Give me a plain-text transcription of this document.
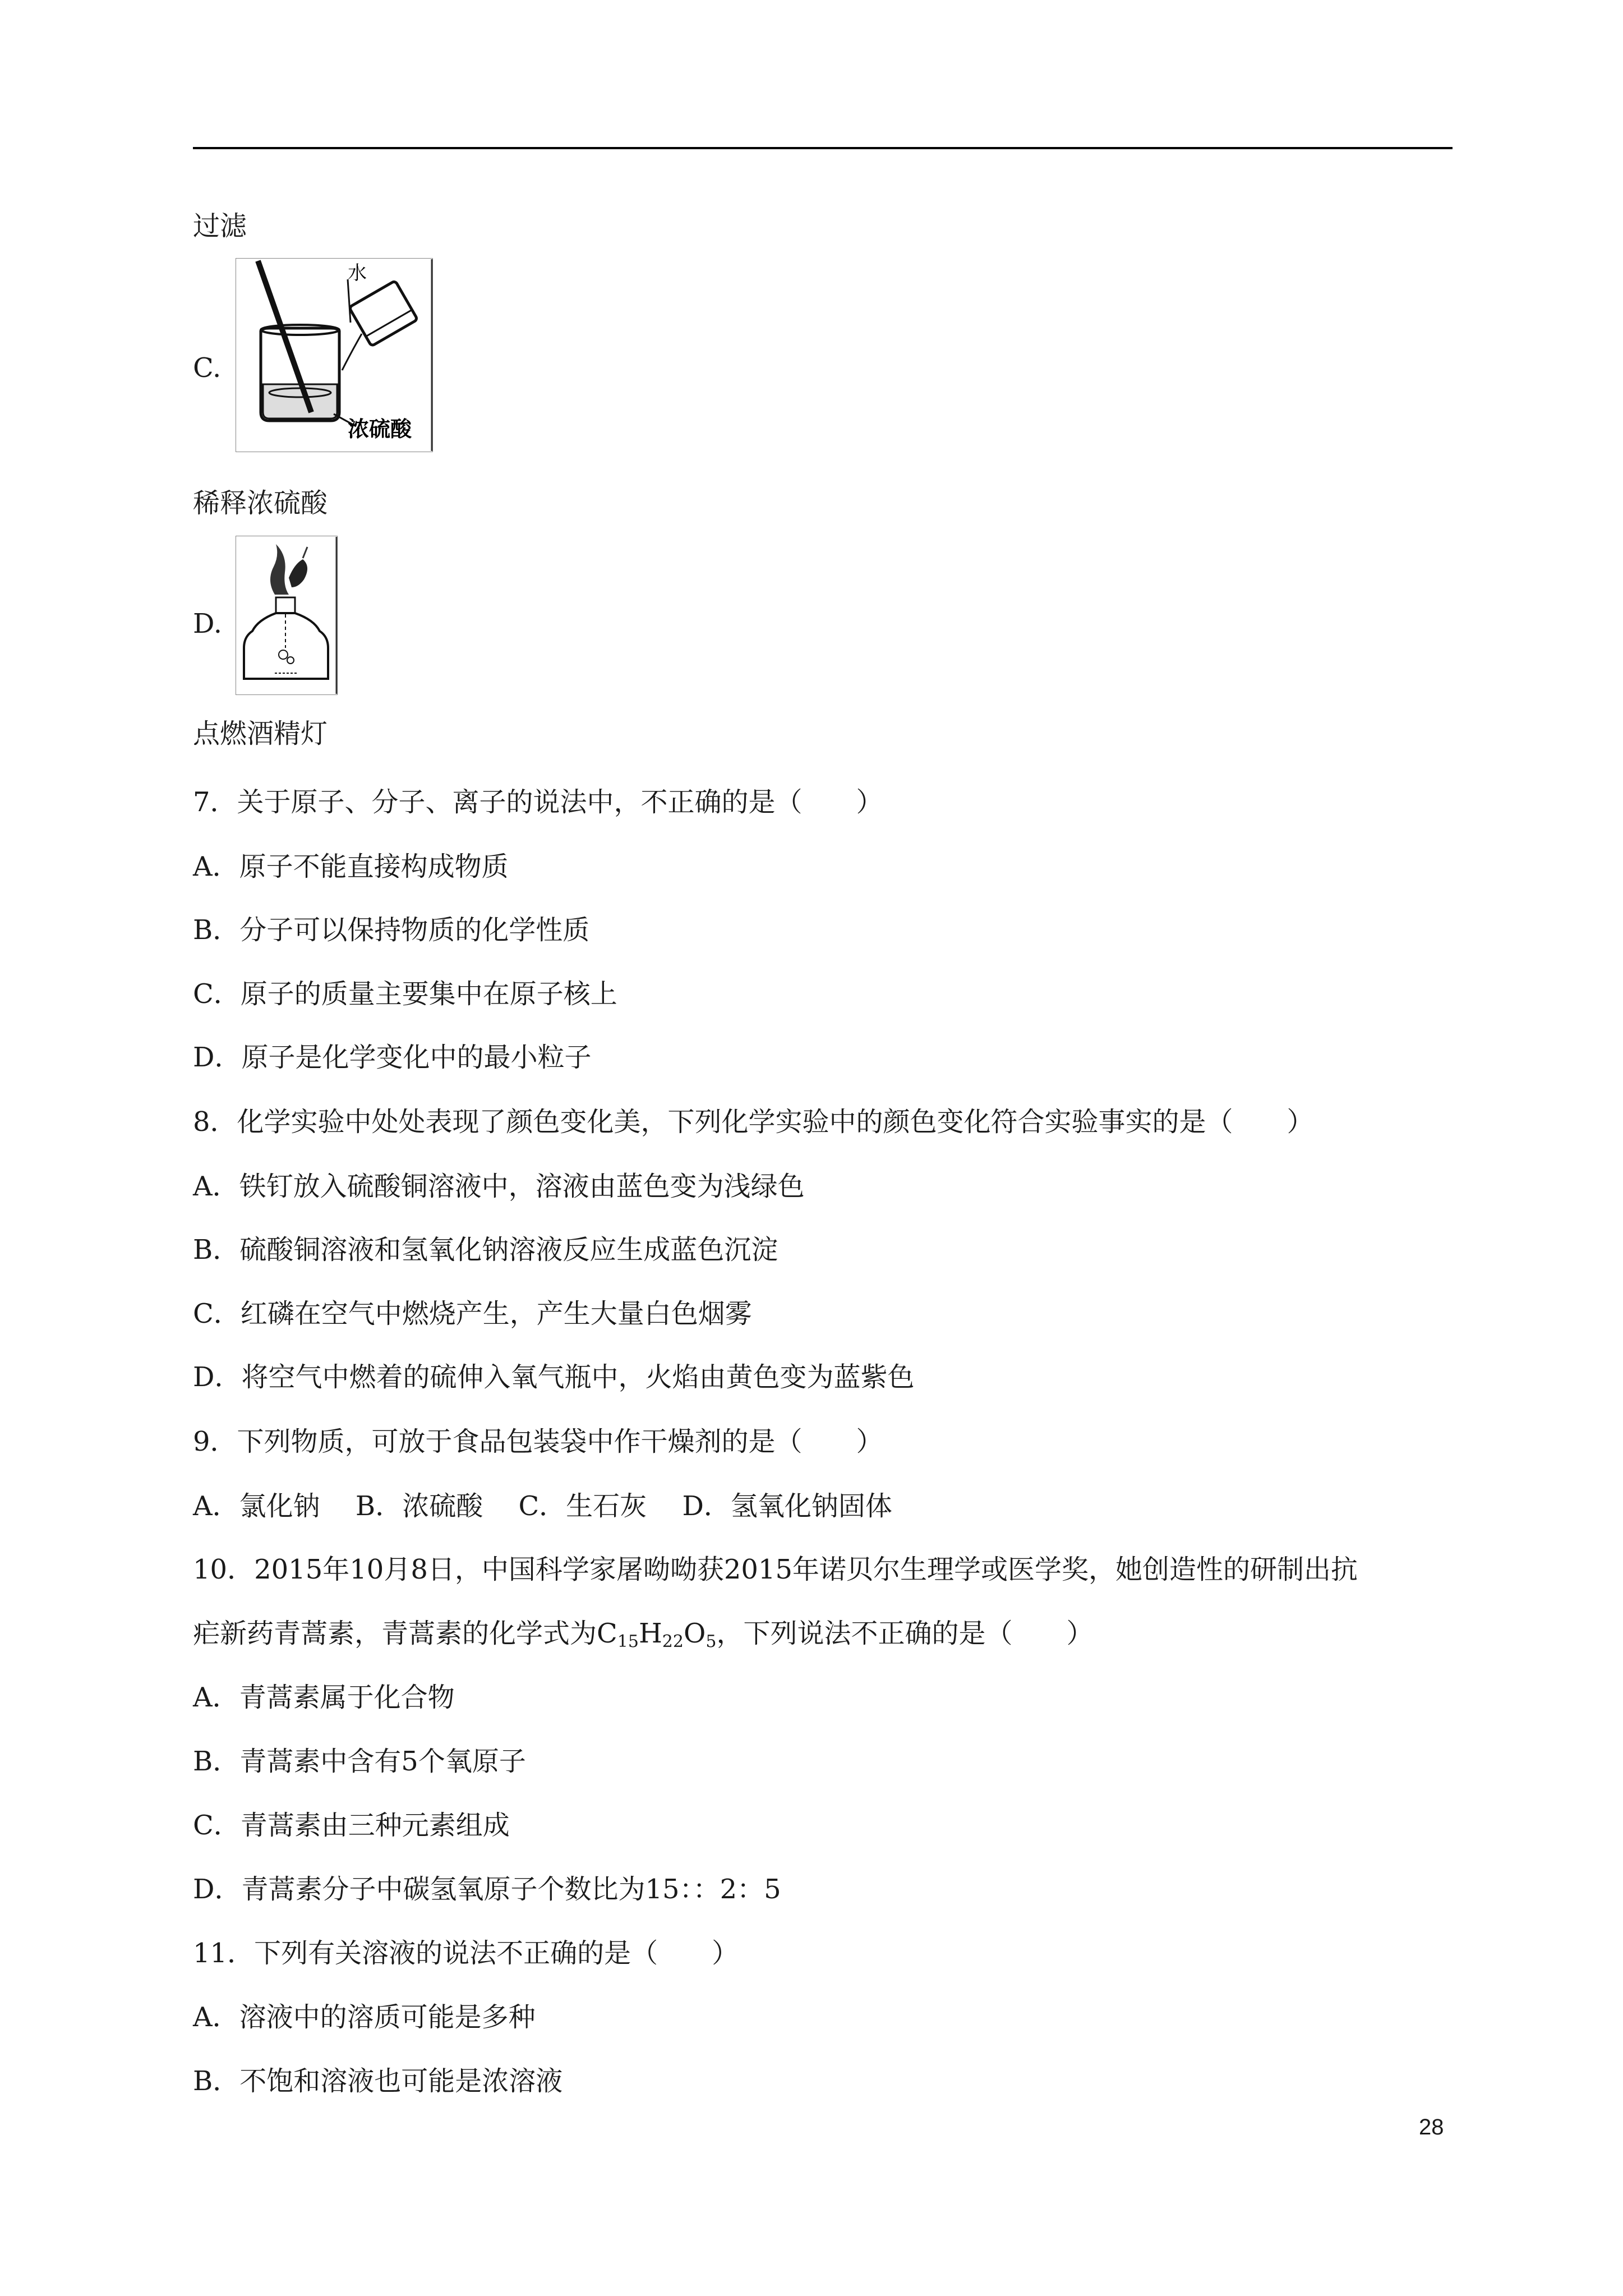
过滤
C.
水
浓硫酸
稀释浓硫酸
D.
点燃酒精灯
7．关于原子、分子、离子的说法中，不正确的是（　　）
A．原子不能直接构成物质
B．分子可以保持物质的化学性质
C．原子的质量主要集中在原子核上
D．原子是化学变化中的最小粒子
8．化学实验中处处表现了颜色变化美，下列化学实验中的颜色变化符合实验事实的是（　　）
A．铁钉放入硫酸铜溶液中，溶液由蓝色变为浅绿色
B．硫酸铜溶液和氢氧化钠溶液反应生成蓝色沉淀
C．红磷在空气中燃烧产生，产生大量白色烟雾
D．将空气中燃着的硫伸入氧气瓶中，火焰由黄色变为蓝紫色
9．下列物质，可放于食品包装袋中作干燥剂的是（　　）
A．氯化钠　 B．浓硫酸　 C．生石灰　 D．氢氧化钠固体
10．2015年10月8日，中国科学家屠呦呦获2015年诺贝尔生理学或医学奖，她创造性的研制出抗
疟新药青蒿素，青蒿素的化学式为$C_{15}H_{22}O_5$，下列说法不正确的是（　　）
A．青蒿素属于化合物
B．青蒿素中含有5个氧原子
C．青蒿素由三种元素组成
D．青蒿素分子中碳氢氧原子个数比为15：：2：5
11．下列有关溶液的说法不正确的是（　　）
A．溶液中的溶质可能是多种
B．不饱和溶液也可能是浓溶液
28
